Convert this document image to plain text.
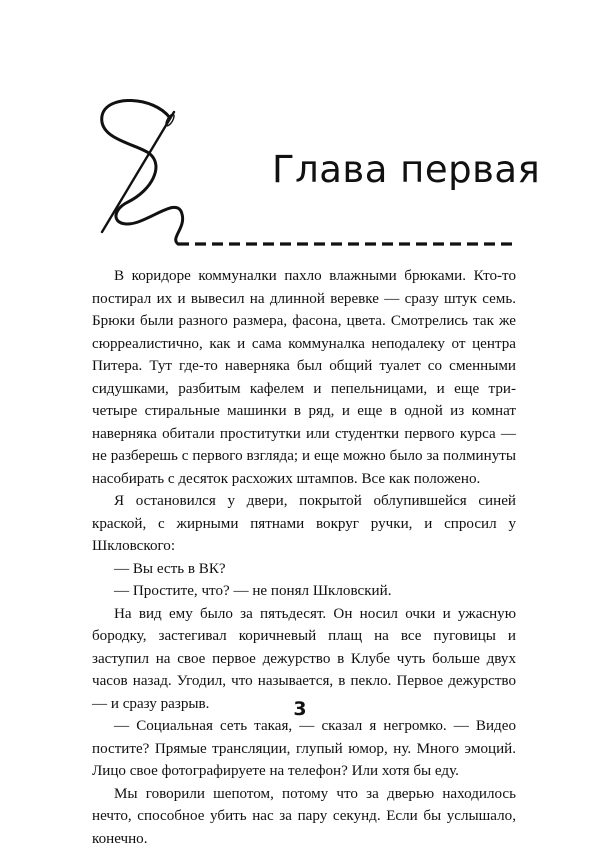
Глава первая

В коридоре коммуналки пахло влажными брюками. Кто-то постирал их и вывесил на длинной веревке — сразу штук семь. Брюки были разного размера, фасона, цвета. Смотрелись так же сюрреалистично, как и сама коммуналка неподалеку от центра Питера. Тут где-то наверняка был общий туалет со сменными сидушками, разбитым кафелем и пепельницами, и еще три-четыре стиральные машинки в ряд, и еще в одной из комнат наверняка обитали проститутки или студентки первого курса — не разберешь с первого взгляда; и еще можно было за полминуты насобирать с десяток расхожих штампов. Все как положено.

Я остановился у двери, покрытой облупившейся синей краской, с жирными пятнами вокруг ручки, и спросил у Шкловского:

— Вы есть в ВК?

— Простите, что? — не понял Шкловский.

На вид ему было за пятьдесят. Он носил очки и ужасную бородку, застегивал коричневый плащ на все пуговицы и заступил на свое первое дежурство в Клубе чуть больше двух часов назад. Угодил, что называется, в пекло. Первое дежурство — и сразу разрыв.

— Социальная сеть такая, — сказал я негромко. — Видео постите? Прямые трансляции, глупый юмор, ну. Много эмоций. Лицо свое фотографируете на телефон? Или хотя бы еду.

Мы говорили шепотом, потому что за дверью находилось нечто, способное убить нас за пару секунд. Если бы услышало, конечно.

3
